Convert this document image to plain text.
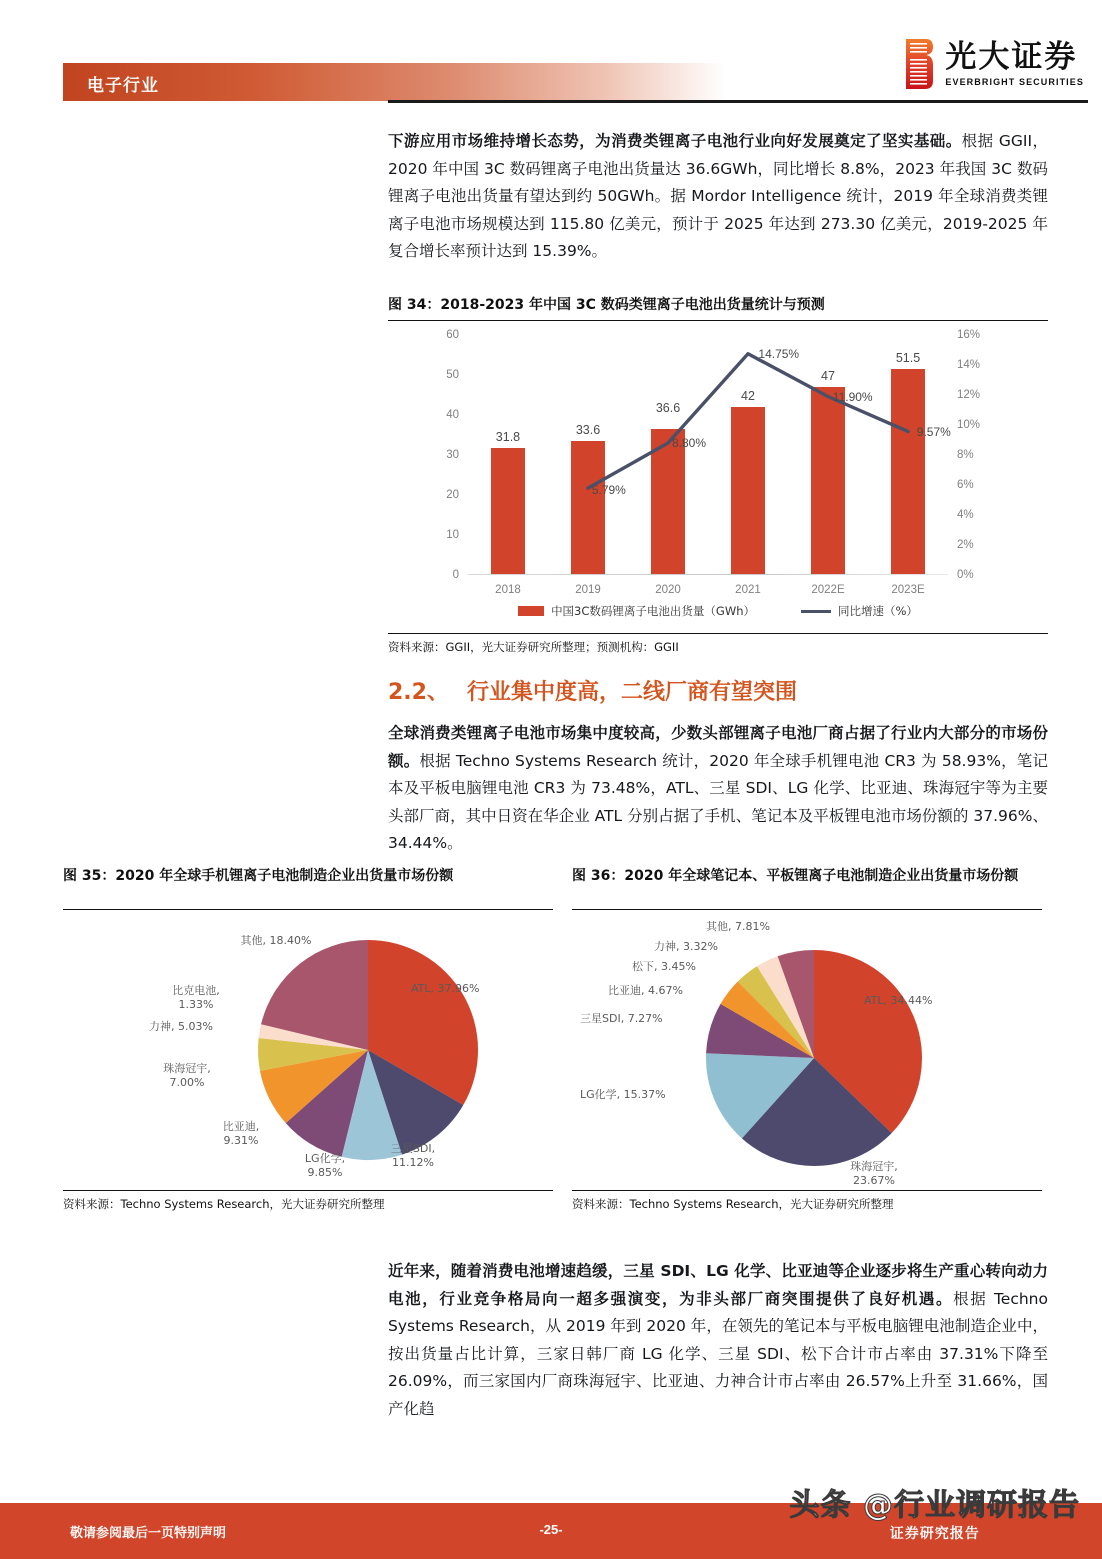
电子行业
光大证券
EVERBRIGHT SECURITIES

下游应用市场维持增长态势，为消费类锂离子电池行业向好发展奠定了坚实基础。根据 GGII，2020 年中国 3C 数码锂离子电池出货量达 36.6GWh，同比增长 8.8%，2023 年我国 3C 数码锂离子电池出货量有望达到约 50GWh。据 Mordor Intelligence 统计，2019 年全球消费类锂离子电池市场规模达到 115.80 亿美元，预计于 2025 年达到 273.30 亿美元，2019-2025 年复合增长率预计达到 15.39%。

图 34：2018-2023 年中国 3C 数码类锂离子电池出货量统计与预测
0
10
20
30
40
50
60
0%
2%
4%
6%
8%
10%
12%
14%
16%
31.8
33.6
36.6
42
47
51.5
5.79%
8.80%
14.75%
11.90%
9.57%
2018	2019	2020	2021	2022E	2023E
中国3C数码锂离子电池出货量（GWh）	同比增速（%）
资料来源：GGII，光大证券研究所整理；预测机构：GGII
2.2、 行业集中度高，二线厂商有望突围

全球消费类锂离子电池市场集中度较高，少数头部锂离子电池厂商占据了行业内大部分的市场份额。根据 Techno Systems Research 统计，2020 年全球手机锂电池 CR3 为 58.93%，笔记本及平板电脑锂电池 CR3 为 73.48%，ATL、三星 SDI、LG 化学、比亚迪、珠海冠宇等为主要头部厂商，其中日资在华企业 ATL 分别占据了手机、笔记本及平板锂电池市场份额的 37.96%、34.44%。

图 35：2020 年全球手机锂离子电池制造企业出货量市场份额
ATL, 37.96%
三星SDI,
11.12%
LG化学,
9.85%
比亚迪,
9.31%
珠海冠宇,
7.00%
力神, 5.03%
比克电池,
1.33%
其他, 18.40%
资料来源：Techno Systems Research，光大证券研究所整理
图 36：2020 年全球笔记本、平板锂离子电池制造企业出货量市场份额
ATL, 34.44%
珠海冠宇,
23.67%
LG化学, 15.37%
三星SDI, 7.27%
比亚迪, 4.67%
松下, 3.45%
力神, 3.32%
其他, 7.81%
资料来源：Techno Systems Research，光大证券研究所整理

近年来，随着消费电池增速趋缓，三星 SDI、LG 化学、比亚迪等企业逐步将生产重心转向动力电池，行业竞争格局向一超多强演变，为非头部厂商突围提供了良好机遇。根据 Techno Systems Research，从 2019 年到 2020 年，在领先的笔记本与平板电脑锂电池制造企业中，按出货量占比计算，三家日韩厂商 LG 化学、三星 SDI、松下合计市占率由 37.31%下降至 26.09%，而三家国内厂商珠海冠宇、比亚迪、力神合计市占率由 26.57%上升至 31.66%，国产化趋

敬请参阅最后一页特别声明	-25-
头条 @行业调研报告
证券研究报告
